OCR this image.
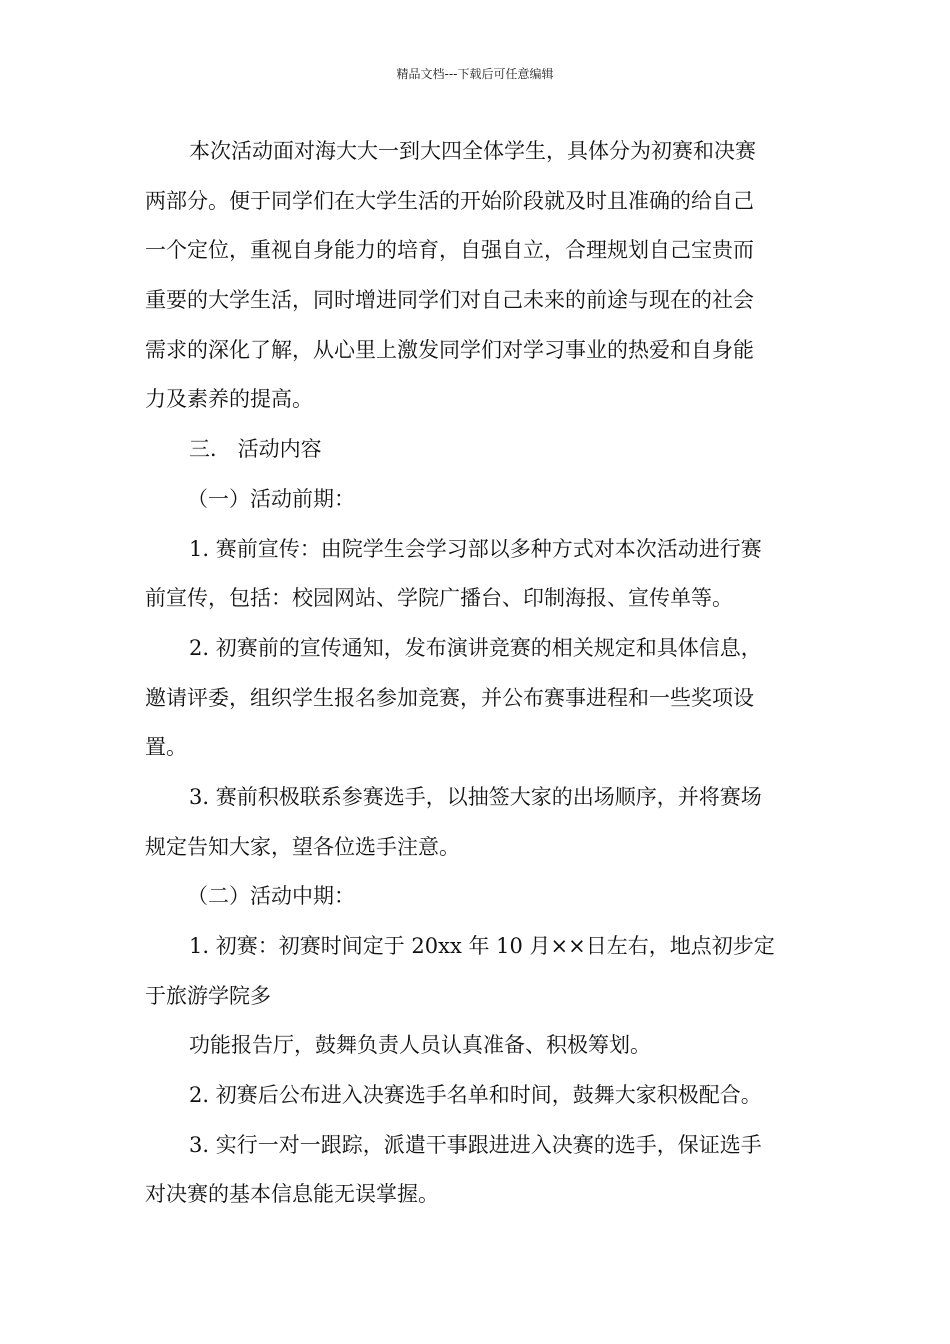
精品文档---下载后可任意编辑
本次活动面对海大大一到大四全体学生，具体分为初赛和决赛
两部分。便于同学们在大学生活的开始阶段就及时且准确的给自己
一个定位，重视自身能力的培育，自强自立，合理规划自己宝贵而
重要的大学生活，同时增进同学们对自己未来的前途与现在的社会
需求的深化了解，从心里上激发同学们对学习事业的热爱和自身能
力及素养的提高。
三． 活动内容
（一）活动前期：
1. 赛前宣传：由院学生会学习部以多种方式对本次活动进行赛
前宣传，包括：校园网站、学院广播台、印制海报、宣传单等。
2. 初赛前的宣传通知，发布演讲竞赛的相关规定和具体信息，
邀请评委，组织学生报名参加竞赛，并公布赛事进程和一些奖项设
置。
3. 赛前积极联系参赛选手，以抽签大家的出场顺序，并将赛场
规定告知大家，望各位选手注意。
（二）活动中期：
1. 初赛：初赛时间定于 20xx 年 10 月××日左右，地点初步定
于旅游学院多
功能报告厅，鼓舞负责人员认真准备、积极筹划。
2. 初赛后公布进入决赛选手名单和时间，鼓舞大家积极配合。
3. 实行一对一跟踪，派遣干事跟进进入决赛的选手，保证选手
对决赛的基本信息能无误掌握。
